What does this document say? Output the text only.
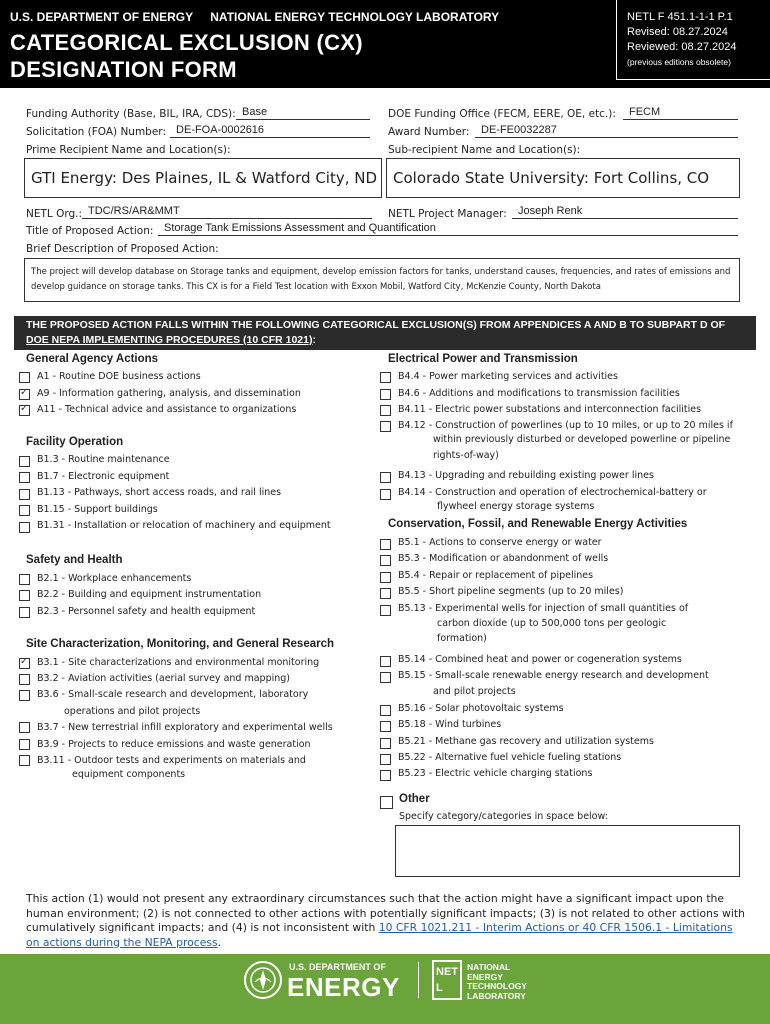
U.S. DEPARTMENT OF ENERGY NATIONAL ENERGY TECHNOLOGY LABORATORY
CATEGORICAL EXCLUSION (CX)
DESIGNATION FORM
NETL F 451.1-1-1 P.1
Revised: 08.27.2024
Reviewed: 08.27.2024
(previous editions obsolete)
Funding Authority (Base, BIL, IRA, CDS): Base	DOE Funding Office (FECM, EERE, OE, etc.):	FECM
Solicitation (FOA) Number: DE-FOA-0002616	Award Number:	DE-FE0032287
Prime Recipient Name and Location(s):	Sub-recipient Name and Location(s):
GTI Energy: Des Plaines, IL & Watford City, ND	Colorado State University: Fort Collins, CO
NETL Org.: TDC/RS/AR&MMT	NETL Project Manager:	Joseph Renk
Title of Proposed Action: Storage Tank Emissions Assessment and Quantification
Brief Description of Proposed Action:
The project will develop database on Storage tanks and equipment, develop emission factors for tanks, understand causes, frequencies, and rates of emissions and develop guidance on storage tanks. This CX is for a Field Test location with Exxon Mobil, Watford City, McKenzie County, North Dakota
THE PROPOSED ACTION FALLS WITHIN THE FOLLOWING CATEGORICAL EXCLUSION(S) FROM APPENDICES A AND B TO SUBPART D OF
DOE NEPA IMPLEMENTING PROCEDURES (10 CFR 1021):
General Agency Actions
A1 - Routine DOE business actions
✓
A9 - Information gathering, analysis, and dissemination
✓
A11 - Technical advice and assistance to organizations
Facility Operation
B1.3 - Routine maintenance
B1.7 - Electronic equipment
B1.13 - Pathways, short access roads, and rail lines
B1.15 - Support buildings
B1.31 - Installation or relocation of machinery and equipment
Safety and Health
B2.1 - Workplace enhancements
B2.2 - Building and equipment instrumentation
B2.3 - Personnel safety and health equipment
Site Characterization, Monitoring, and General Research
✓
B3.1 - Site characterizations and environmental monitoring
B3.2 - Aviation activities (aerial survey and mapping)
B3.6 - Small-scale research and development, laboratory
operations and pilot projects
B3.7 - New terrestrial infill exploratory and experimental wells
B3.9 - Projects to reduce emissions and waste generation
B3.11 - Outdoor tests and experiments on materials and
equipment components
Electrical Power and Transmission
B4.4 - Power marketing services and activities
B4.6 - Additions and modifications to transmission facilities
B4.11 - Electric power substations and interconnection facilities
B4.12 - Construction of powerlines (up to 10 miles, or up to 20 miles if
within previously disturbed or developed powerline or pipeline
rights-of-way)
B4.13 - Upgrading and rebuilding existing power lines
B4.14 - Construction and operation of electrochemical-battery or
flywheel energy storage systems
Conservation, Fossil, and Renewable Energy Activities
B5.1 - Actions to conserve energy or water
B5.3 - Modification or abandonment of wells
B5.4 - Repair or replacement of pipelines
B5.5 - Short pipeline segments (up to 20 miles)
B5.13 - Experimental wells for injection of small quantities of
carbon dioxide (up to 500,000 tons per geologic
formation)
B5.14 - Combined heat and power or cogeneration systems
B5.15 - Small-scale renewable energy research and development
and pilot projects
B5.16 - Solar photovoltaic systems
B5.18 - Wind turbines
B5.21 - Methane gas recovery and utilization systems
B5.22 - Alternative fuel vehicle fueling stations
B5.23 - Electric vehicle charging stations
Other
Specify category/categories in space below:
This action (1) would not present any extraordinary circumstances such that the action might have a significant impact upon the human environment; (2) is not connected to other actions with potentially significant impacts; (3) is not related to other actions with cumulatively significant impacts; and (4) is not inconsistent with 10 CFR 1021.211 - Interim Actions or 40 CFR 1506.1 - Limitations on actions during the NEPA process.
U.S. DEPARTMENT OF
ENERGY	NETL
NATIONAL
ENERGY
TECHNOLOGY
LABORATORY
